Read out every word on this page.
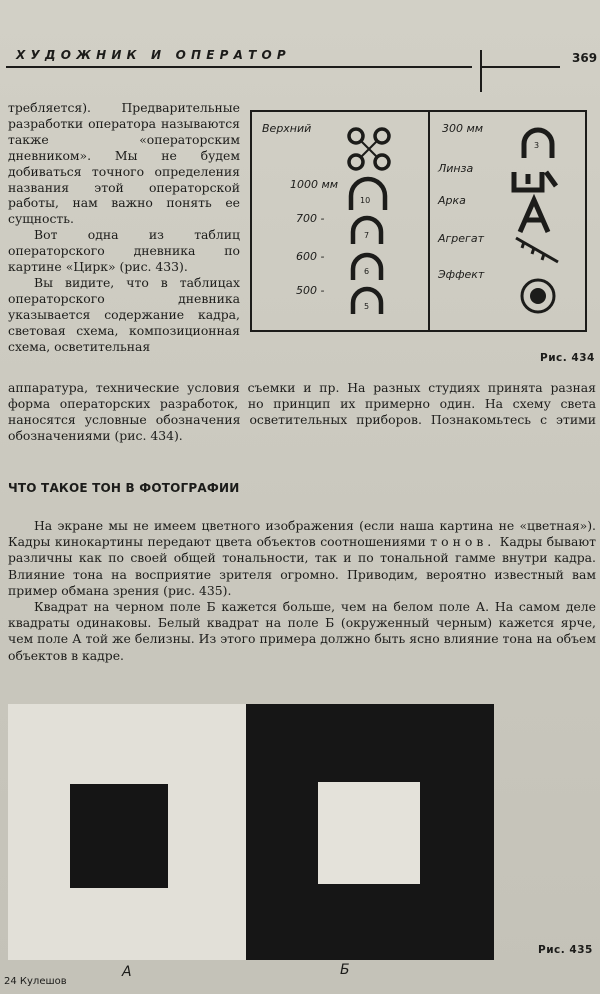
ХУДОЖНИК И ОПЕРАТОР	369

требляется). Предварительные разработки оператора называются также «операторским дневником». Мы не будем добиваться точного определения названия этой операторской работы, нам важно понять ее сущность.

Вот одна из таблиц операторского дневника по картине «Цирк» (рис. 433).

Вы видите, что в таблицах операторского дневника указывается содержание кадра, световая схема, композиционная схема, осветительная

Верхний
1000 мм
700 -
600 -
500 -
300 мм
Линза
Арка
Агрегат
Эффект
10
7
6
5
3
Рис. 434

аппаратура, технические условия съемки и пр. На разных студиях принята разная форма операторских разработок, но принцип их примерно один. На схему света наносятся условные обозначения осветительных приборов. Познакомьтесь с этими обозначениями (рис. 434).

ЧТО ТАКОЕ ТОН В ФОТОГРАФИИ

На экране мы не имеем цветного изображения (если наша картина не «цветная»). Кадры кинокартины передают цвета объектов соотношениями тонов. Кадры бывают различны как по своей общей тональности, так и по тональной гамме внутри кадра. Влияние тона на восприятие зрителя огромно. Приводим, вероятно известный вам пример обмана зрения (рис. 435).

Квадрат на черном поле Б кажется больше, чем на белом поле А. На самом деле квадраты одинаковы. Белый квадрат на поле Б (окруженный черным) кажется ярче, чем поле А той же белизны. Из этого примера должно быть ясно влияние тона на объем объектов в кадре.

Рис. 435
А	Б
24 Кулешов
